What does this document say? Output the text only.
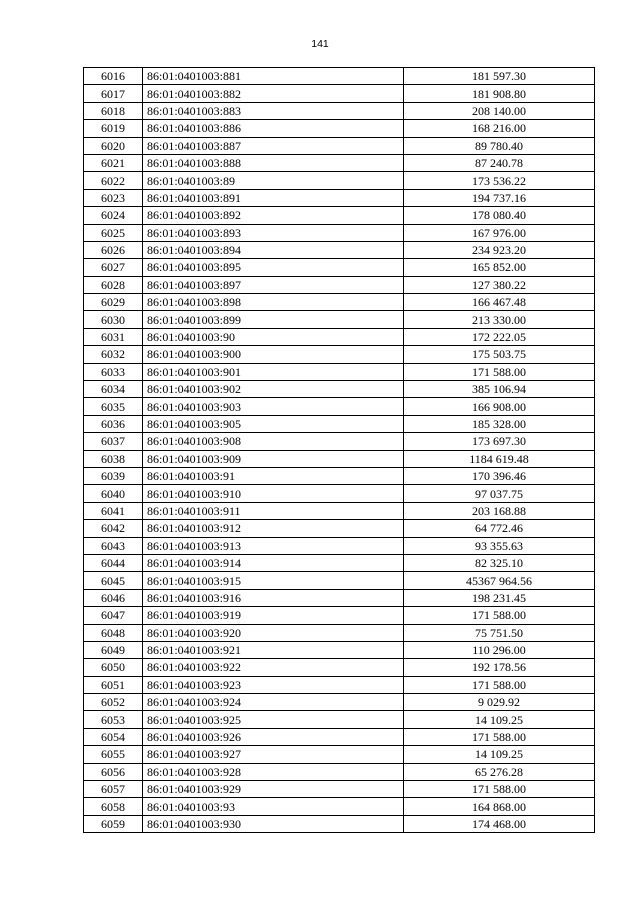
141
6016	86:01:0401003:881	181 597.30
6017	86:01:0401003:882	181 908.80
6018	86:01:0401003:883	208 140.00
6019	86:01:0401003:886	168 216.00
6020	86:01:0401003:887	89 780.40
6021	86:01:0401003:888	87 240.78
6022	86:01:0401003:89	173 536.22
6023	86:01:0401003:891	194 737.16
6024	86:01:0401003:892	178 080.40
6025	86:01:0401003:893	167 976.00
6026	86:01:0401003:894	234 923.20
6027	86:01:0401003:895	165 852.00
6028	86:01:0401003:897	127 380.22
6029	86:01:0401003:898	166 467.48
6030	86:01:0401003:899	213 330.00
6031	86:01:0401003:90	172 222.05
6032	86:01:0401003:900	175 503.75
6033	86:01:0401003:901	171 588.00
6034	86:01:0401003:902	385 106.94
6035	86:01:0401003:903	166 908.00
6036	86:01:0401003:905	185 328.00
6037	86:01:0401003:908	173 697.30
6038	86:01:0401003:909	1184 619.48
6039	86:01:0401003:91	170 396.46
6040	86:01:0401003:910	97 037.75
6041	86:01:0401003:911	203 168.88
6042	86:01:0401003:912	64 772.46
6043	86:01:0401003:913	93 355.63
6044	86:01:0401003:914	82 325.10
6045	86:01:0401003:915	45367 964.56
6046	86:01:0401003:916	198 231.45
6047	86:01:0401003:919	171 588.00
6048	86:01:0401003:920	75 751.50
6049	86:01:0401003:921	110 296.00
6050	86:01:0401003:922	192 178.56
6051	86:01:0401003:923	171 588.00
6052	86:01:0401003:924	9 029.92
6053	86:01:0401003:925	14 109.25
6054	86:01:0401003:926	171 588.00
6055	86:01:0401003:927	14 109.25
6056	86:01:0401003:928	65 276.28
6057	86:01:0401003:929	171 588.00
6058	86:01:0401003:93	164 868.00
6059	86:01:0401003:930	174 468.00
